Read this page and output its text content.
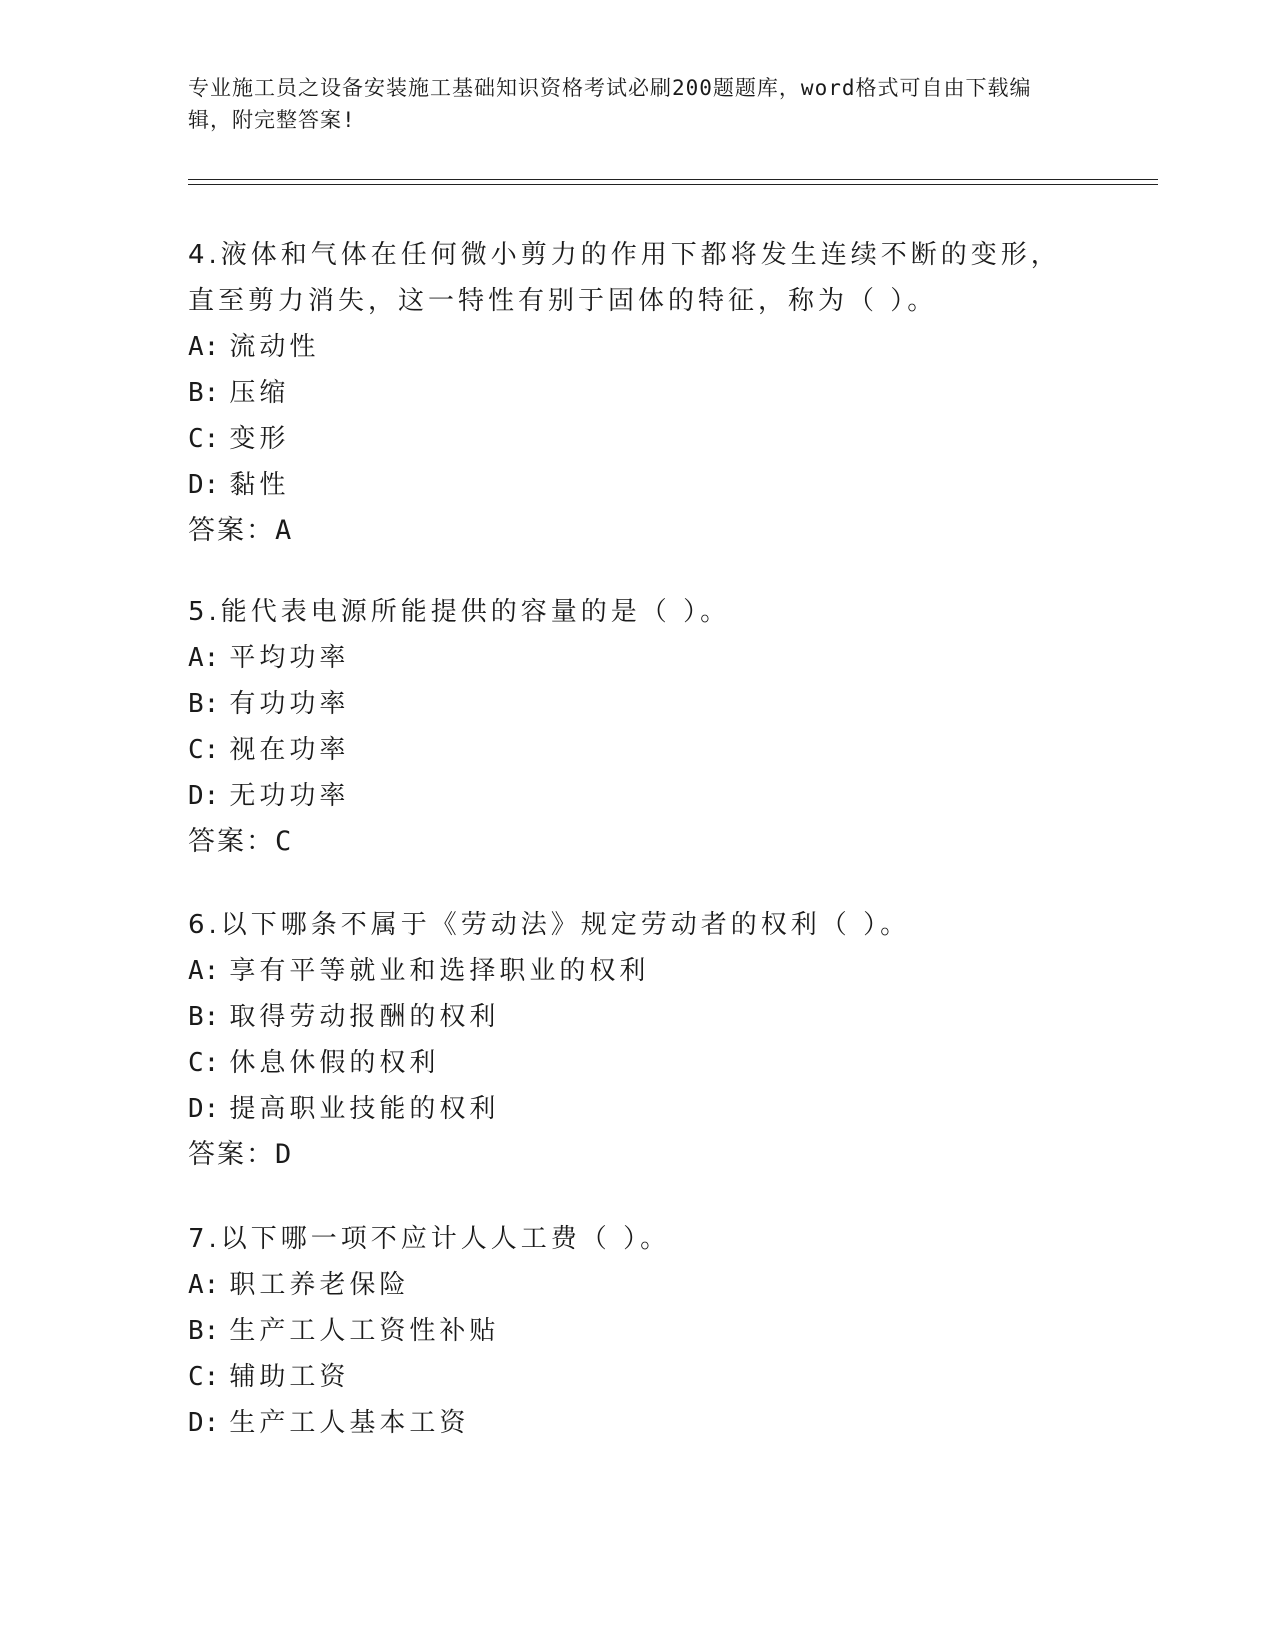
专业施工员之设备安装施工基础知识资格考试必刷200题题库，word格式可自由下载编辑，附完整答案!

4.液体和气体在任何微小剪力的作用下都将发生连续不断的变形，直至剪力消失，这一特性有别于固体的特征，称为（ ）。

A: 流动性

B: 压缩

C: 变形

D: 黏性

答案：A

5.能代表电源所能提供的容量的是（ ）。

A: 平均功率

B: 有功功率

C: 视在功率

D: 无功功率

答案：C

6.以下哪条不属于《劳动法》规定劳动者的权利（ ）。

A: 享有平等就业和选择职业的权利

B: 取得劳动报酬的权利

C: 休息休假的权利

D: 提高职业技能的权利

答案：D

7.以下哪一项不应计人人工费（ ）。

A: 职工养老保险

B: 生产工人工资性补贴

C: 辅助工资

D: 生产工人基本工资
